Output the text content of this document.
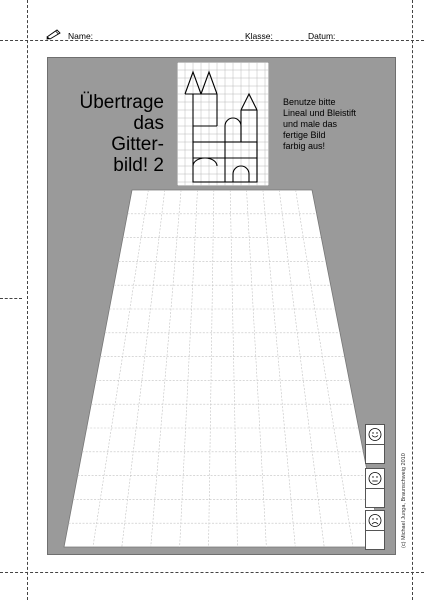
Name:	Klasse:	Datum:
Übertrage
das
Gitter-
bild! 2
Benutze bitte
Lineal und Bleistift
und male das
fertige Bild
farbig aus!
(c) Michael Junga, Braunschweig 2010
